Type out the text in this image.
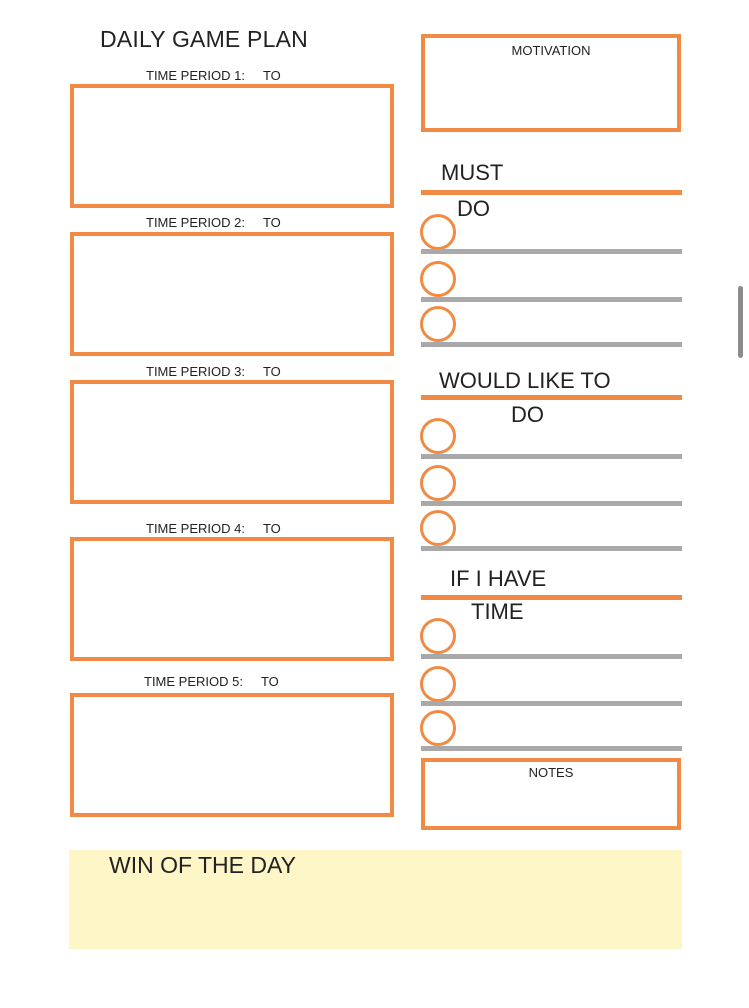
DAILY GAME PLAN
TIME PERIOD 1: TO
TIME PERIOD 2: TO
TIME PERIOD 3: TO
TIME PERIOD 4: TO
TIME PERIOD 5: TO
MOTIVATION
MUST
DO
WOULD LIKE TO
DO
IF I HAVE
TIME
NOTES
WIN OF THE DAY
